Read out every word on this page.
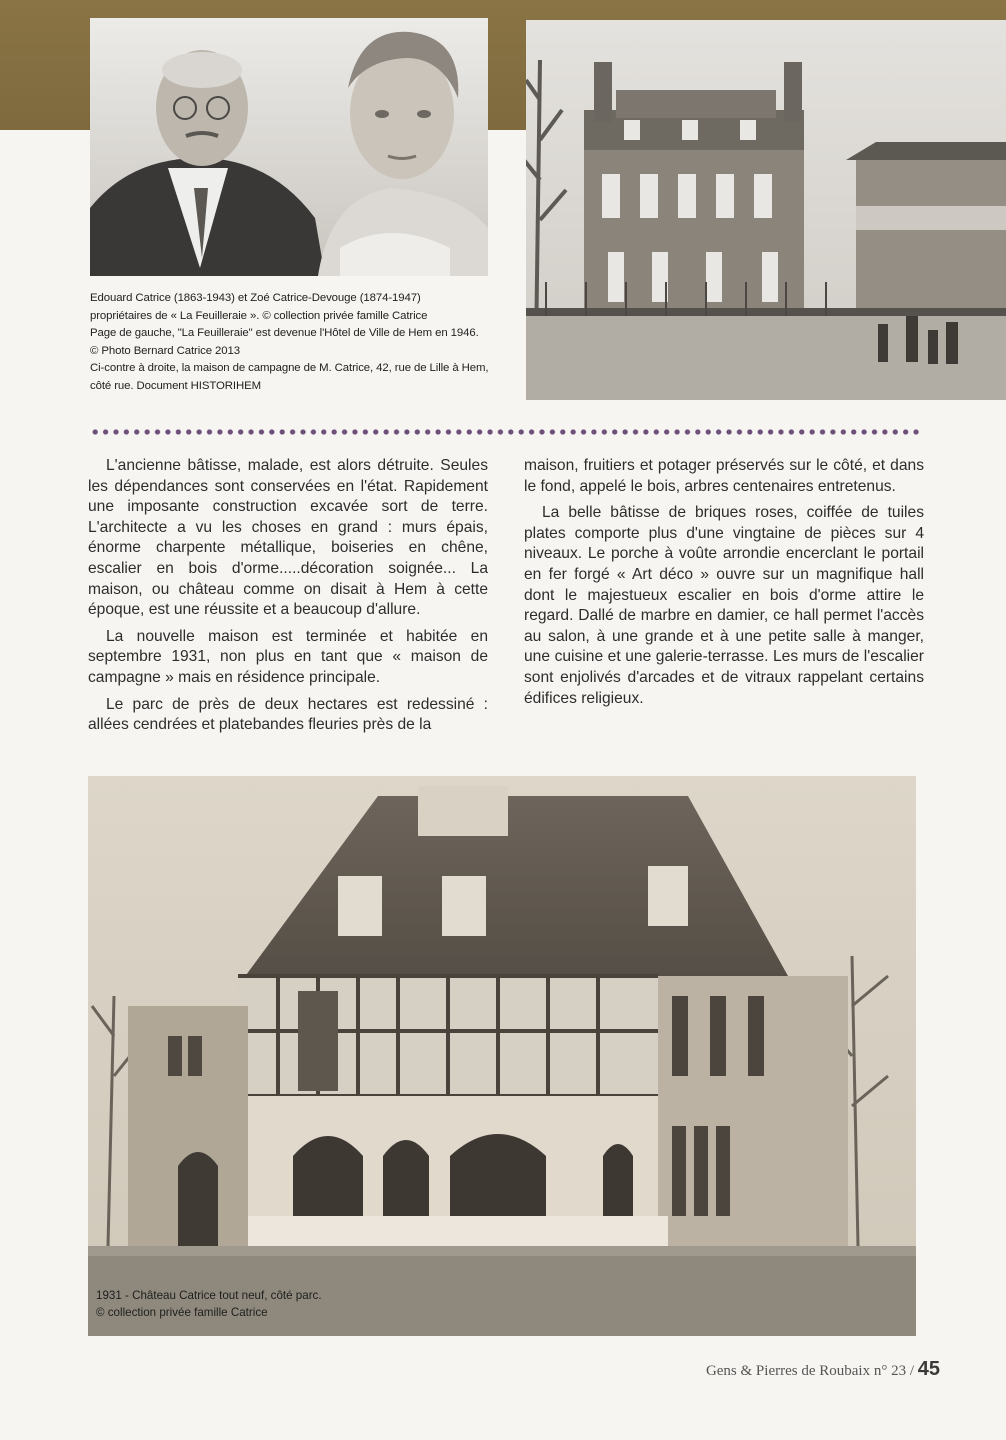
Edouard Catrice (1863-1943) et Zoé Catrice-Devouge (1874-1947)
propriétaires de « La Feuilleraie ». © collection privée famille Catrice
Page de gauche, "La Feuilleraie" est devenue l'Hôtel de Ville de Hem en 1946.
© Photo Bernard Catrice 2013
Ci-contre à droite, la maison de campagne de M. Catrice, 42, rue de Lille à Hem,
côté rue. Document HISTORIHEM

L'ancienne bâtisse, malade, est alors détruite. Seules les dépendances sont conservées en l'état. Rapidement une imposante construction excavée sort de terre. L'architecte a vu les choses en grand : murs épais, énorme charpente métallique, boiseries en chêne, escalier en bois d'orme.....décoration soignée... La maison, ou château comme on disait à Hem à cette époque, est une réussite et a beaucoup d'allure.

La nouvelle maison est terminée et habitée en septembre 1931, non plus en tant que « maison de campagne » mais en résidence principale.

Le parc de près de deux hectares est redessiné : allées cendrées et platebandes fleuries près de la

maison, fruitiers et potager préservés sur le côté, et dans le fond, appelé le bois, arbres centenaires entretenus.

La belle bâtisse de briques roses, coiffée de tuiles plates comporte plus d'une vingtaine de pièces sur 4 niveaux. Le porche à voûte arrondie encerclant le portail en fer forgé « Art déco » ouvre sur un magnifique hall dont le majestueux escalier en bois d'orme attire le regard. Dallé de marbre en damier, ce hall permet l'accès au salon, à une grande et à une petite salle à manger, une cuisine et une galerie-terrasse. Les murs de l'escalier sont enjolivés d'arcades et de vitraux rappelant certains édifices religieux.

1931 - Château Catrice tout neuf, côté parc.
© collection privée famille Catrice
Gens & Pierres de Roubaix n° 23 / 45
